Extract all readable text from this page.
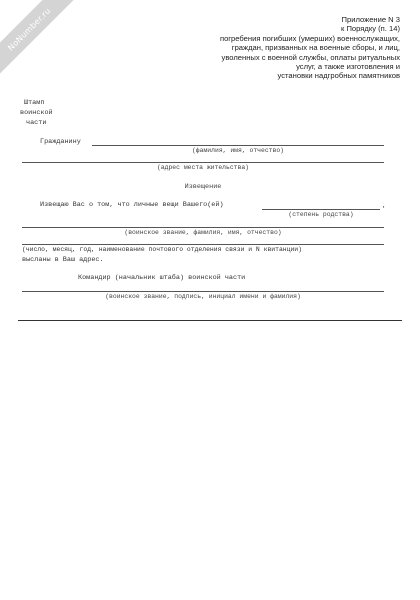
NoNumber.ru	Приложение N 3
к Порядку (п. 14)
погребения погибших (умерших) военнослужащих,
граждан, призванных на военные сборы, и лиц,
уволенных с военной службы, оплаты ритуальных
услуг, а также изготовления и
установки надгробных памятников
Штамп
воинской
части
Гражданину
(фамилия, имя, отчество)
(адрес места жительства)
Извещение
Извещаю Вас о том, что личные вещи Вашего(ей)	,
(степень родства)
(воинское звание, фамилия, имя, отчество)
(число, месяц, год, наименование почтового отделения связи и N квитанции)
высланы в Ваш адрес.
Командир (начальник штаба) воинской части
(воинское звание, подпись, инициал имени и фамилия)
